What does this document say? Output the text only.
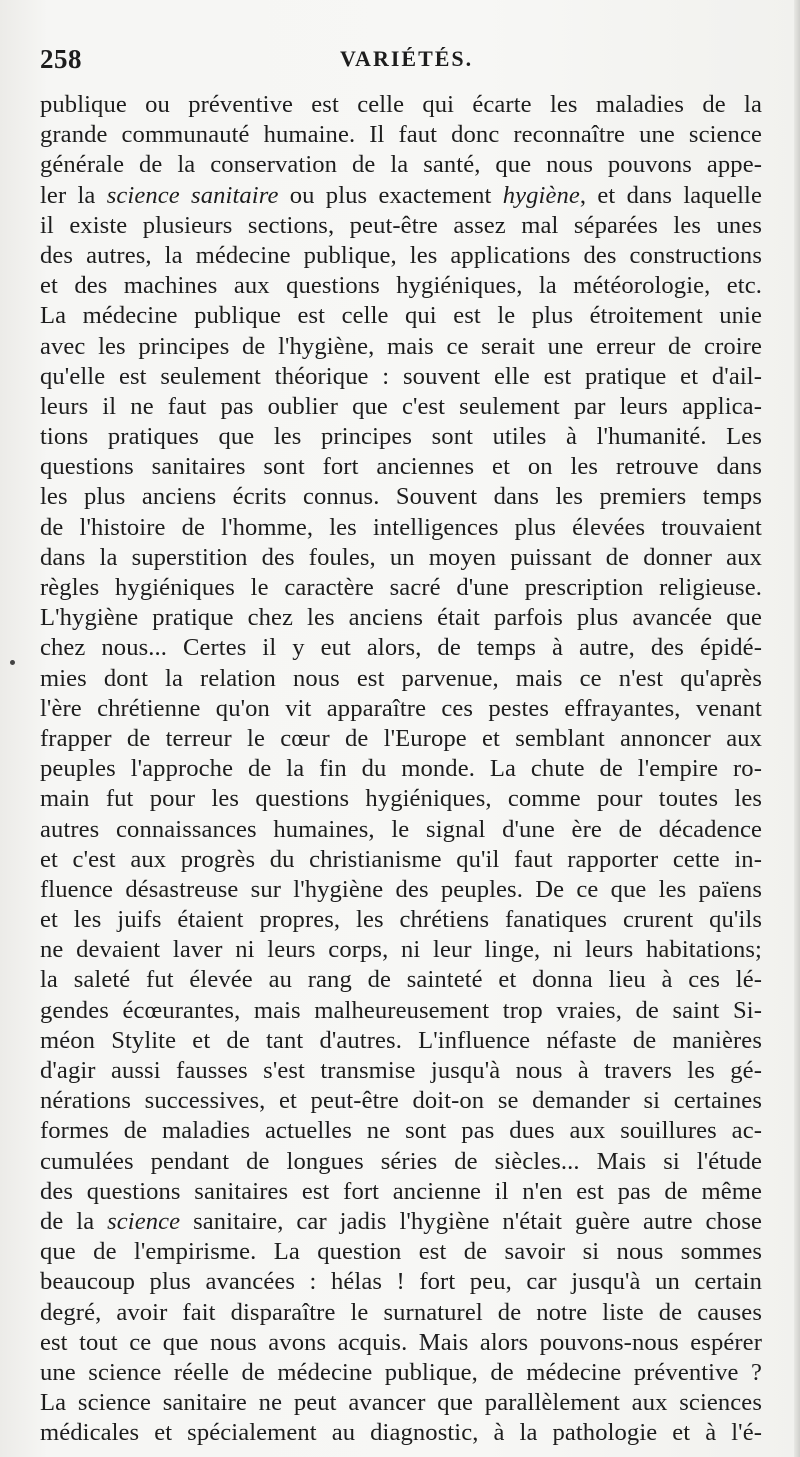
258	VARIÉTÉS.
publique ou préventive est celle qui écarte les maladies de la
grande communauté humaine. Il faut donc reconnaître une science
générale de la conservation de la santé, que nous pouvons appe-
ler la science sanitaire ou plus exactement hygiène, et dans laquelle
il existe plusieurs sections, peut-être assez mal séparées les unes
des autres, la médecine publique, les applications des constructions
et des machines aux questions hygiéniques, la météorologie, etc.
La médecine publique est celle qui est le plus étroitement unie
avec les principes de l'hygiène, mais ce serait une erreur de croire
qu'elle est seulement théorique : souvent elle est pratique et d'ail-
leurs il ne faut pas oublier que c'est seulement par leurs applica-
tions pratiques que les principes sont utiles à l'humanité. Les
questions sanitaires sont fort anciennes et on les retrouve dans
les plus anciens écrits connus. Souvent dans les premiers temps
de l'histoire de l'homme, les intelligences plus élevées trouvaient
dans la superstition des foules, un moyen puissant de donner aux
règles hygiéniques le caractère sacré d'une prescription religieuse.
L'hygiène pratique chez les anciens était parfois plus avancée que
chez nous... Certes il y eut alors, de temps à autre, des épidé-
mies dont la relation nous est parvenue, mais ce n'est qu'après
l'ère chrétienne qu'on vit apparaître ces pestes effrayantes, venant
frapper de terreur le cœur de l'Europe et semblant annoncer aux
peuples l'approche de la fin du monde. La chute de l'empire ro-
main fut pour les questions hygiéniques, comme pour toutes les
autres connaissances humaines, le signal d'une ère de décadence
et c'est aux progrès du christianisme qu'il faut rapporter cette in-
fluence désastreuse sur l'hygiène des peuples. De ce que les païens
et les juifs étaient propres, les chrétiens fanatiques crurent qu'ils
ne devaient laver ni leurs corps, ni leur linge, ni leurs habitations;
la saleté fut élevée au rang de sainteté et donna lieu à ces lé-
gendes écœurantes, mais malheureusement trop vraies, de saint Si-
méon Stylite et de tant d'autres. L'influence néfaste de manières
d'agir aussi fausses s'est transmise jusqu'à nous à travers les gé-
nérations successives, et peut-être doit-on se demander si certaines
formes de maladies actuelles ne sont pas dues aux souillures ac-
cumulées pendant de longues séries de siècles... Mais si l'étude
des questions sanitaires est fort ancienne il n'en est pas de même
de la science sanitaire, car jadis l'hygiène n'était guère autre chose
que de l'empirisme. La question est de savoir si nous sommes
beaucoup plus avancées : hélas ! fort peu, car jusqu'à un certain
degré, avoir fait disparaître le surnaturel de notre liste de causes
est tout ce que nous avons acquis. Mais alors pouvons-nous espérer
une science réelle de médecine publique, de médecine préventive ?
La science sanitaire ne peut avancer que parallèlement aux sciences
médicales et spécialement au diagnostic, à la pathologie et à l'é-
